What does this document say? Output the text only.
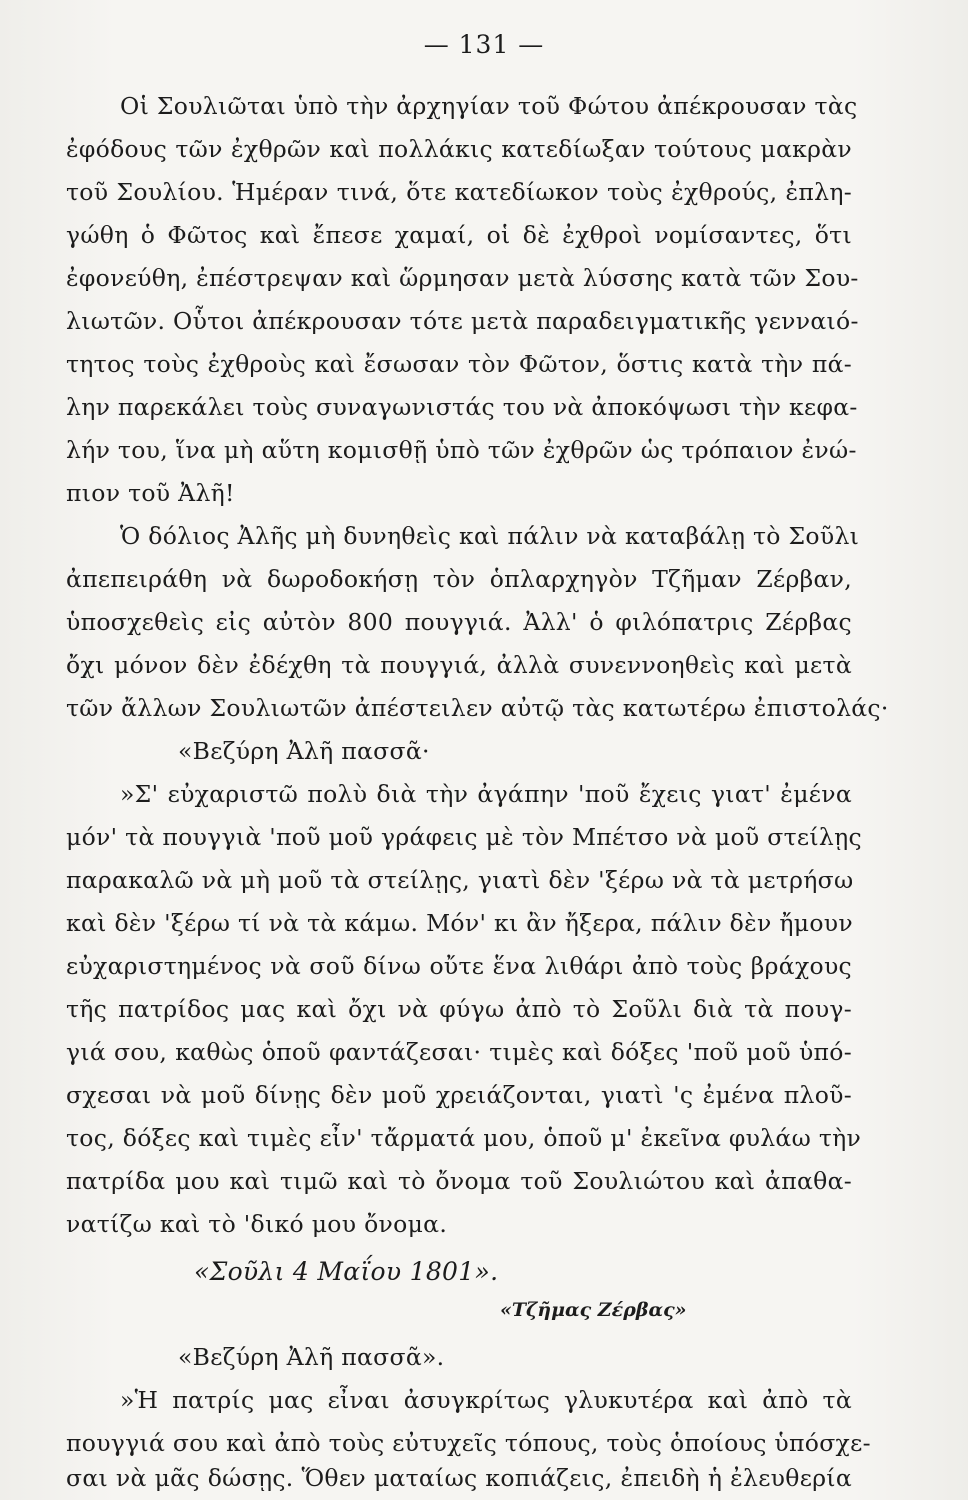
— 131 —
Οἱ Σουλιῶται ὑπὸ τὴν ἀρχηγίαν τοῦ Φώτου ἀπέκρουσαν τὰς
ἐφόδους τῶν ἐχθρῶν καὶ πολλάκις κατεδίωξαν τούτους μακρὰν
τοῦ Σουλίου. Ἡμέραν τινά, ὅτε κατεδίωκον τοὺς ἐχθρούς, ἐπλη-
γώθη ὁ Φῶτος καὶ ἔπεσε χαμαί, οἱ δὲ ἐχθροὶ νομίσαντες, ὅτι
ἐφονεύθη, ἐπέστρεψαν καὶ ὥρμησαν μετὰ λύσσης κατὰ τῶν Σου-
λιωτῶν. Οὗτοι ἀπέκρουσαν τότε μετὰ παραδειγματικῆς γενναιό-
τητος τοὺς ἐχθροὺς καὶ ἔσωσαν τὸν Φῶτον, ὅστις κατὰ τὴν πά-
λην παρεκάλει τοὺς συναγωνιστάς του νὰ ἀποκόψωσι τὴν κεφα-
λήν του, ἵνα μὴ αὕτη κομισθῇ ὑπὸ τῶν ἐχθρῶν ὡς τρόπαιον ἐνώ-
πιον τοῦ Ἀλῆ!
Ὁ δόλιος Ἀλῆς μὴ δυνηθεὶς καὶ πάλιν νὰ καταβάλῃ τὸ Σοῦλι
ἀπεπειράθη νὰ δωροδοκήσῃ τὸν ὁπλαρχηγὸν Τζῆμαν Ζέρβαν,
ὑποσχεθεὶς εἰς αὐτὸν 800 πουγγιά. Ἀλλ' ὁ φιλόπατρις Ζέρβας
ὄχι μόνον δὲν ἐδέχθη τὰ πουγγιά, ἀλλὰ συνεννοηθεὶς καὶ μετὰ
τῶν ἄλλων Σουλιωτῶν ἀπέστειλεν αὐτῷ τὰς κατωτέρω ἐπιστολάς·
«Βεζύρη Ἀλῆ πασσᾶ·
»Σ' εὐχαριστῶ πολὺ διὰ τὴν ἀγάπην 'ποῦ ἔχεις γιατ' ἐμένα
μόν' τὰ πουγγιὰ 'ποῦ μοῦ γράφεις μὲ τὸν Μπέτσο νὰ μοῦ στείλῃς
παρακαλῶ νὰ μὴ μοῦ τὰ στείλῃς, γιατὶ δὲν 'ξέρω νὰ τὰ μετρήσω
καὶ δὲν 'ξέρω τί νὰ τὰ κάμω. Μόν' κι ἂν ἤξερα, πάλιν δὲν ἤμουν
εὐχαριστημένος νὰ σοῦ δίνω οὔτε ἕνα λιθάρι ἀπὸ τοὺς βράχους
τῆς πατρίδος μας καὶ ὄχι νὰ φύγω ἀπὸ τὸ Σοῦλι διὰ τὰ πουγ-
γιά σου, καθὼς ὁποῦ φαντάζεσαι· τιμὲς καὶ δόξες 'ποῦ μοῦ ὑπό-
σχεσαι νὰ μοῦ δίνῃς δὲν μοῦ χρειάζονται, γιατὶ 'ς ἐμένα πλοῦ-
τος, δόξες καὶ τιμὲς εἶν' τἄρματά μου, ὁποῦ μ' ἐκεῖνα φυλάω τὴν
πατρίδα μου καὶ τιμῶ καὶ τὸ ὄνομα τοῦ Σουλιώτου καὶ ἀπαθα-
νατίζω καὶ τὸ 'δικό μου ὄνομα.
«Σοῦλι 4 Μαΐου 1801».
«Τζῆμας Ζέρβας»
«Βεζύρη Ἀλῆ πασσᾶ».
»Ἡ πατρίς μας εἶναι ἀσυγκρίτως γλυκυτέρα καὶ ἀπὸ τὰ
πουγγιά σου καὶ ἀπὸ τοὺς εὐτυχεῖς τόπους, τοὺς ὁποίους ὑπόσχε-
σαι νὰ μᾶς δώσῃς. Ὅθεν ματαίως κοπιάζεις, ἐπειδὴ ἡ ἐλευθερία
